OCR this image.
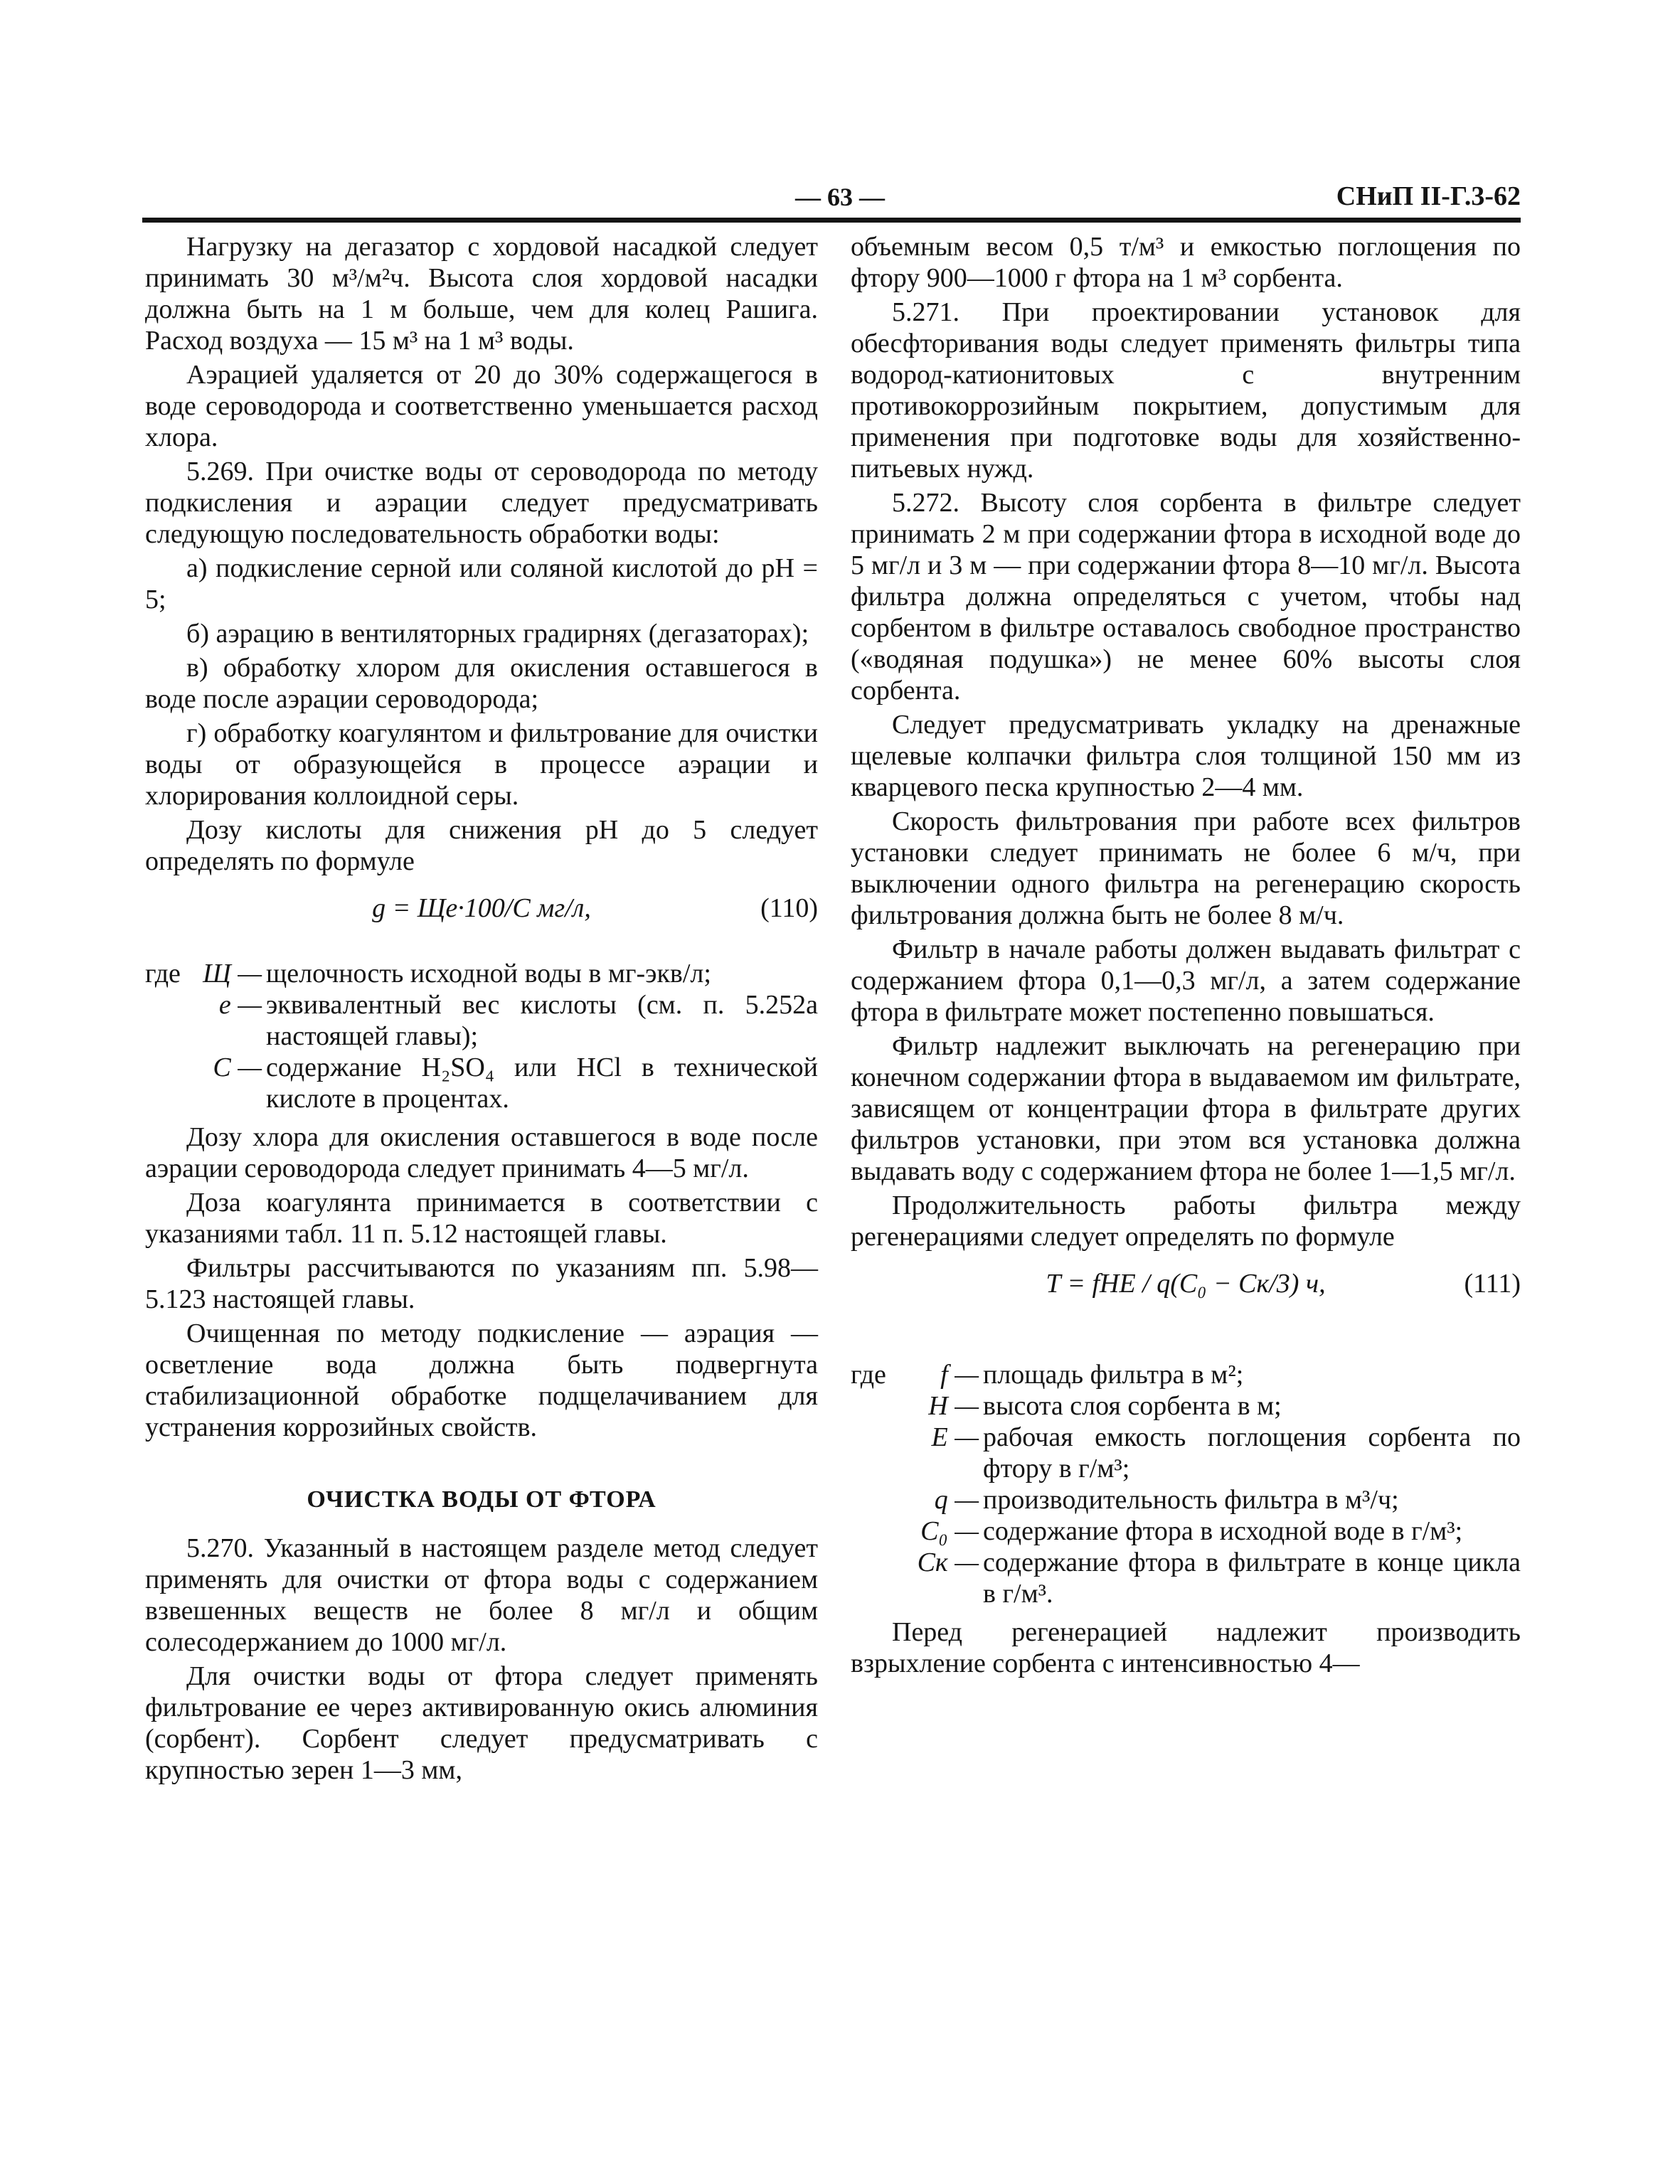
— 63 —	СНиП II-Г.3-62

Нагрузку на дегазатор с хордовой насадкой следует принимать 30 м³/м²ч. Высота слоя хордовой насадки должна быть на 1 м больше, чем для колец Рашига. Расход воздуха — 15 м³ на 1 м³ воды.

Аэрацией удаляется от 20 до 30% содержащегося в воде сероводорода и соответственно уменьшается расход хлора.

5.269. При очистке воды от сероводорода по методу подкисления и аэрации следует предусматривать следующую последовательность обработки воды:

а) подкисление серной или соляной кислотой до pH = 5;

б) аэрацию в вентиляторных градирнях (дегазаторах);

в) обработку хлором для окисления оставшегося в воде после аэрации сероводорода;

г) обработку коагулянтом и фильтрование для очистки воды от образующейся в процессе аэрации и хлорирования коллоидной серы.

Дозу кислоты для снижения pH до 5 следует определять по формуле

g = Ще·100/C мг/л,	(110)
где Щ — щелочность исходной воды в мг-экв/л;
е — эквивалентный вес кислоты (см. п. 5.252а настоящей главы);
С — содержание H₂SO₄ или HCl в технической кислоте в процентах.

Дозу хлора для окисления оставшегося в воде после аэрации сероводорода следует принимать 4—5 мг/л.

Доза коагулянта принимается в соответствии с указаниями табл. 11 п. 5.12 настоящей главы.

Фильтры рассчитываются по указаниям пп. 5.98—5.123 настоящей главы.

Очищенная по методу подкисление — аэрация — осветление вода должна быть подвергнута стабилизационной обработке подщелачиванием для устранения коррозийных свойств.

ОЧИСТКА ВОДЫ ОТ ФТОРА

5.270. Указанный в настоящем разделе метод следует применять для очистки от фтора воды с содержанием взвешенных веществ не более 8 мг/л и общим солесодержанием до 1000 мг/л.

Для очистки воды от фтора следует применять фильтрование ее через активированную окись алюминия (сорбент). Сорбент следует предусматривать с крупностью зерен 1—3 мм,

объемным весом 0,5 т/м³ и емкостью поглощения по фтору 900—1000 г фтора на 1 м³ сорбента.

5.271. При проектировании установок для обесфторивания воды следует применять фильтры типа водород-катионитовых с внутренним противокоррозийным покрытием, допустимым для применения при подготовке воды для хозяйственно-питьевых нужд.

5.272. Высоту слоя сорбента в фильтре следует принимать 2 м при содержании фтора в исходной воде до 5 мг/л и 3 м — при содержании фтора 8—10 мг/л. Высота фильтра должна определяться с учетом, чтобы над сорбентом в фильтре оставалось свободное пространство («водяная подушка») не менее 60% высоты слоя сорбента.

Следует предусматривать укладку на дренажные щелевые колпачки фильтра слоя толщиной 150 мм из кварцевого песка крупностью 2—4 мм.

Скорость фильтрования при работе всех фильтров установки следует принимать не более 6 м/ч, при выключении одного фильтра на регенерацию скорость фильтрования должна быть не более 8 м/ч.

Фильтр в начале работы должен выдавать фильтрат с содержанием фтора 0,1—0,3 мг/л, а затем содержание фтора в фильтрате может постепенно повышаться.

Фильтр надлежит выключать на регенерацию при конечном содержании фтора в выдаваемом им фильтрате, зависящем от концентрации фтора в фильтрате других фильтров установки, при этом вся установка должна выдавать воду с содержанием фтора не более 1—1,5 мг/л.

Продолжительность работы фильтра между регенерациями следует определять по формуле

T = fHE / q(C₀ − Cк/3) ч,	(111)
где	f — площадь фильтра в м²;
H — высота слоя сорбента в м;
E — рабочая емкость поглощения сорбента по фтору в г/м³;
q — производительность фильтра в м³/ч;
C₀ — содержание фтора в исходной воде в г/м³;
Cк — содержание фтора в фильтрате в конце цикла в г/м³.

Перед регенерацией надлежит производить взрыхление сорбента с интенсивностью 4—
